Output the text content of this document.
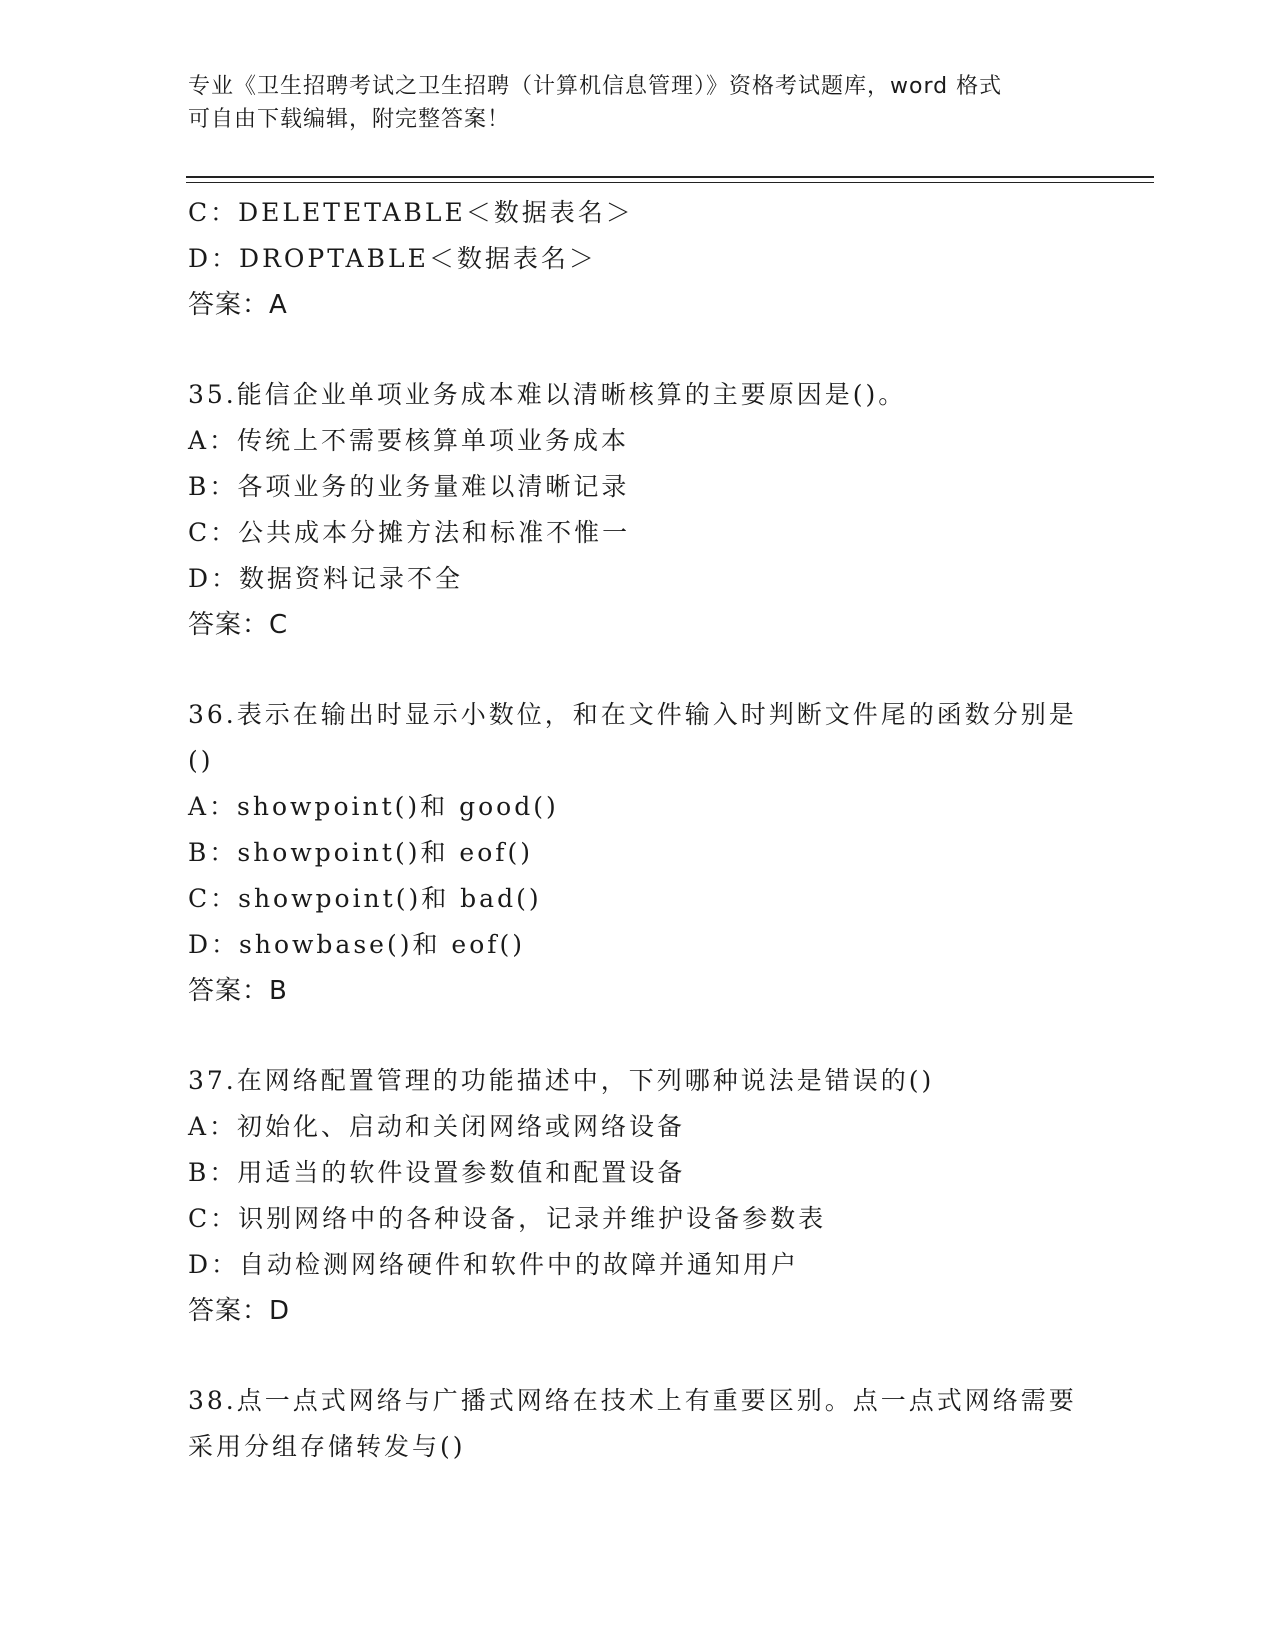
专业《卫生招聘考试之卫生招聘（计算机信息管理）》资格考试题库，word 格式
可自由下载编辑，附完整答案！
C：DELETETABLE＜数据表名＞
D：DROPTABLE＜数据表名＞
答案：A
35.能信企业单项业务成本难以清晰核算的主要原因是()。
A：传统上不需要核算单项业务成本
B：各项业务的业务量难以清晰记录
C：公共成本分摊方法和标准不惟一
D：数据资料记录不全
答案：C
36.表示在输出时显示小数位，和在文件输入时判断文件尾的函数分别是()
A：showpoint()和 good()
B：showpoint()和 eof()
C：showpoint()和 bad()
D：showbase()和 eof()
答案：B
37.在网络配置管理的功能描述中，下列哪种说法是错误的()
A：初始化、启动和关闭网络或网络设备
B：用适当的软件设置参数值和配置设备
C：识别网络中的各种设备，记录并维护设备参数表
D：自动检测网络硬件和软件中的故障并通知用户
答案：D
38.点一点式网络与广播式网络在技术上有重要区别。点一点式网络需要采用分组存储转发与()
